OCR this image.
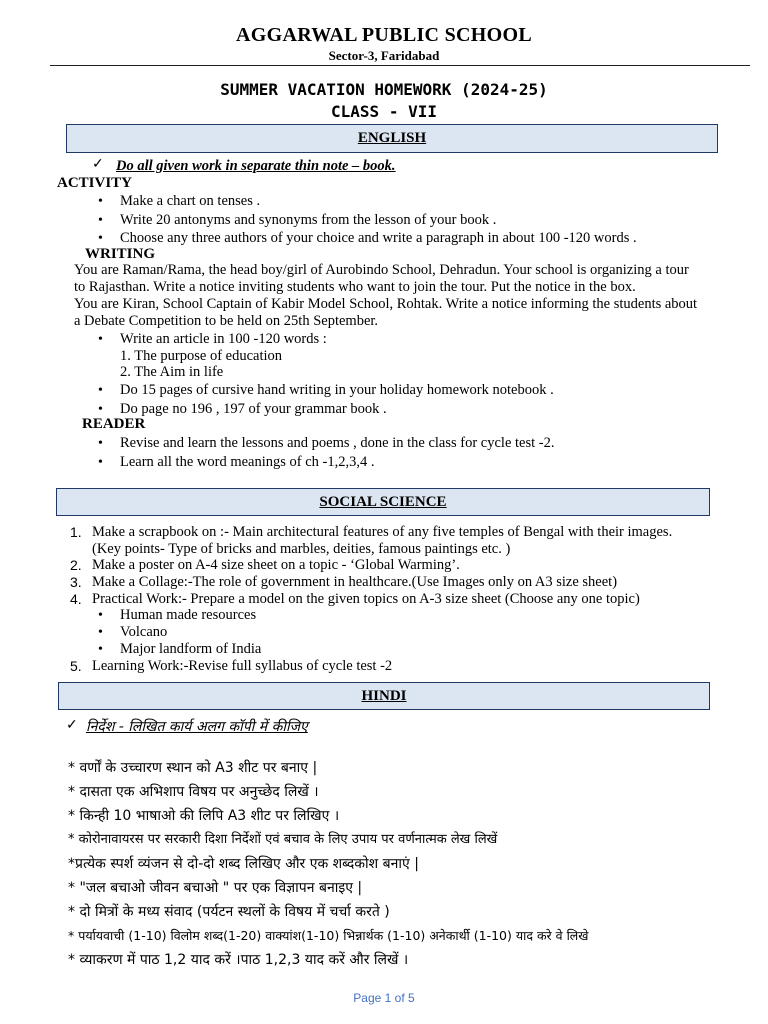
AGGARWAL PUBLIC SCHOOL
Sector-3, Faridabad
SUMMER VACATION HOMEWORK (2024-25)
CLASS - VII
ENGLISH
✓ Do all given work in separate thin note – book.
ACTIVITY
• Make a chart on tenses .
• Write 20 antonyms and synonyms from the lesson of your book .
• Choose any three authors of your choice and write a paragraph in about 100 -120 words .
WRITING
You are Raman/Rama, the head boy/girl of Aurobindo School, Dehradun. Your school is organizing a tour
to Rajasthan. Write a notice inviting students who want to join the tour. Put the notice in the box.
You are Kiran, School Captain of Kabir Model School, Rohtak. Write a notice informing the students about
a Debate Competition to be held on 25th September.
• Write an article in 100 -120 words :
1. The purpose of education
2. The Aim in life
• Do 15 pages of cursive hand writing in your holiday homework notebook .
• Do page no 196 , 197 of your grammar book .
READER
• Revise and learn the lessons and poems , done in the class for cycle test -2.
• Learn all the word meanings of ch -1,2,3,4 .
SOCIAL SCIENCE
1. Make a scrapbook on :- Main architectural features of any five temples of Bengal with their images.
(Key points- Type of bricks and marbles, deities, famous paintings etc. )
2. Make a poster on A-4 size sheet on a topic - ‘Global Warming’.
3. Make a Collage:-The role of government in healthcare.(Use Images only on A3 size sheet)
4. Practical Work:- Prepare a model on the given topics on A-3 size sheet (Choose any one topic)
• Human made resources
• Volcano
• Major landform of India
5. Learning Work:-Revise full syllabus of cycle test -2
HINDI
✓ निर्देश - लिखित कार्य अलग कॉपी में कीजिए
* वर्णों के उच्चारण स्थान को A3 शीट पर बनाए |
* दासता एक अभिशाप विषय पर अनुच्छेद लिखें ।
* किन्ही 10 भाषाओ की लिपि A3 शीट पर लिखिए ।
* कोरोनावायरस पर सरकारी दिशा निर्देशों एवं बचाव के लिए उपाय पर वर्णनात्मक लेख लिखें
*प्रत्येक स्पर्श व्यंजन से दो-दो शब्द लिखिए और एक शब्दकोश बनाएं |
* "जल बचाओ जीवन बचाओ " पर एक विज्ञापन बनाइए |
* दो मित्रों के मध्य संवाद (पर्यटन स्थलों के विषय में चर्चा करते )
* पर्यायवाची (1-10) विलोम शब्द(1-20) वाक्यांश(1-10) भिन्नार्थक (1-10) अनेकार्थी (1-10) याद करे वे लिखे
* व्याकरण में पाठ 1,2 याद करें ।पाठ 1,2,3 याद करें और लिखें ।
Page 1 of 5
